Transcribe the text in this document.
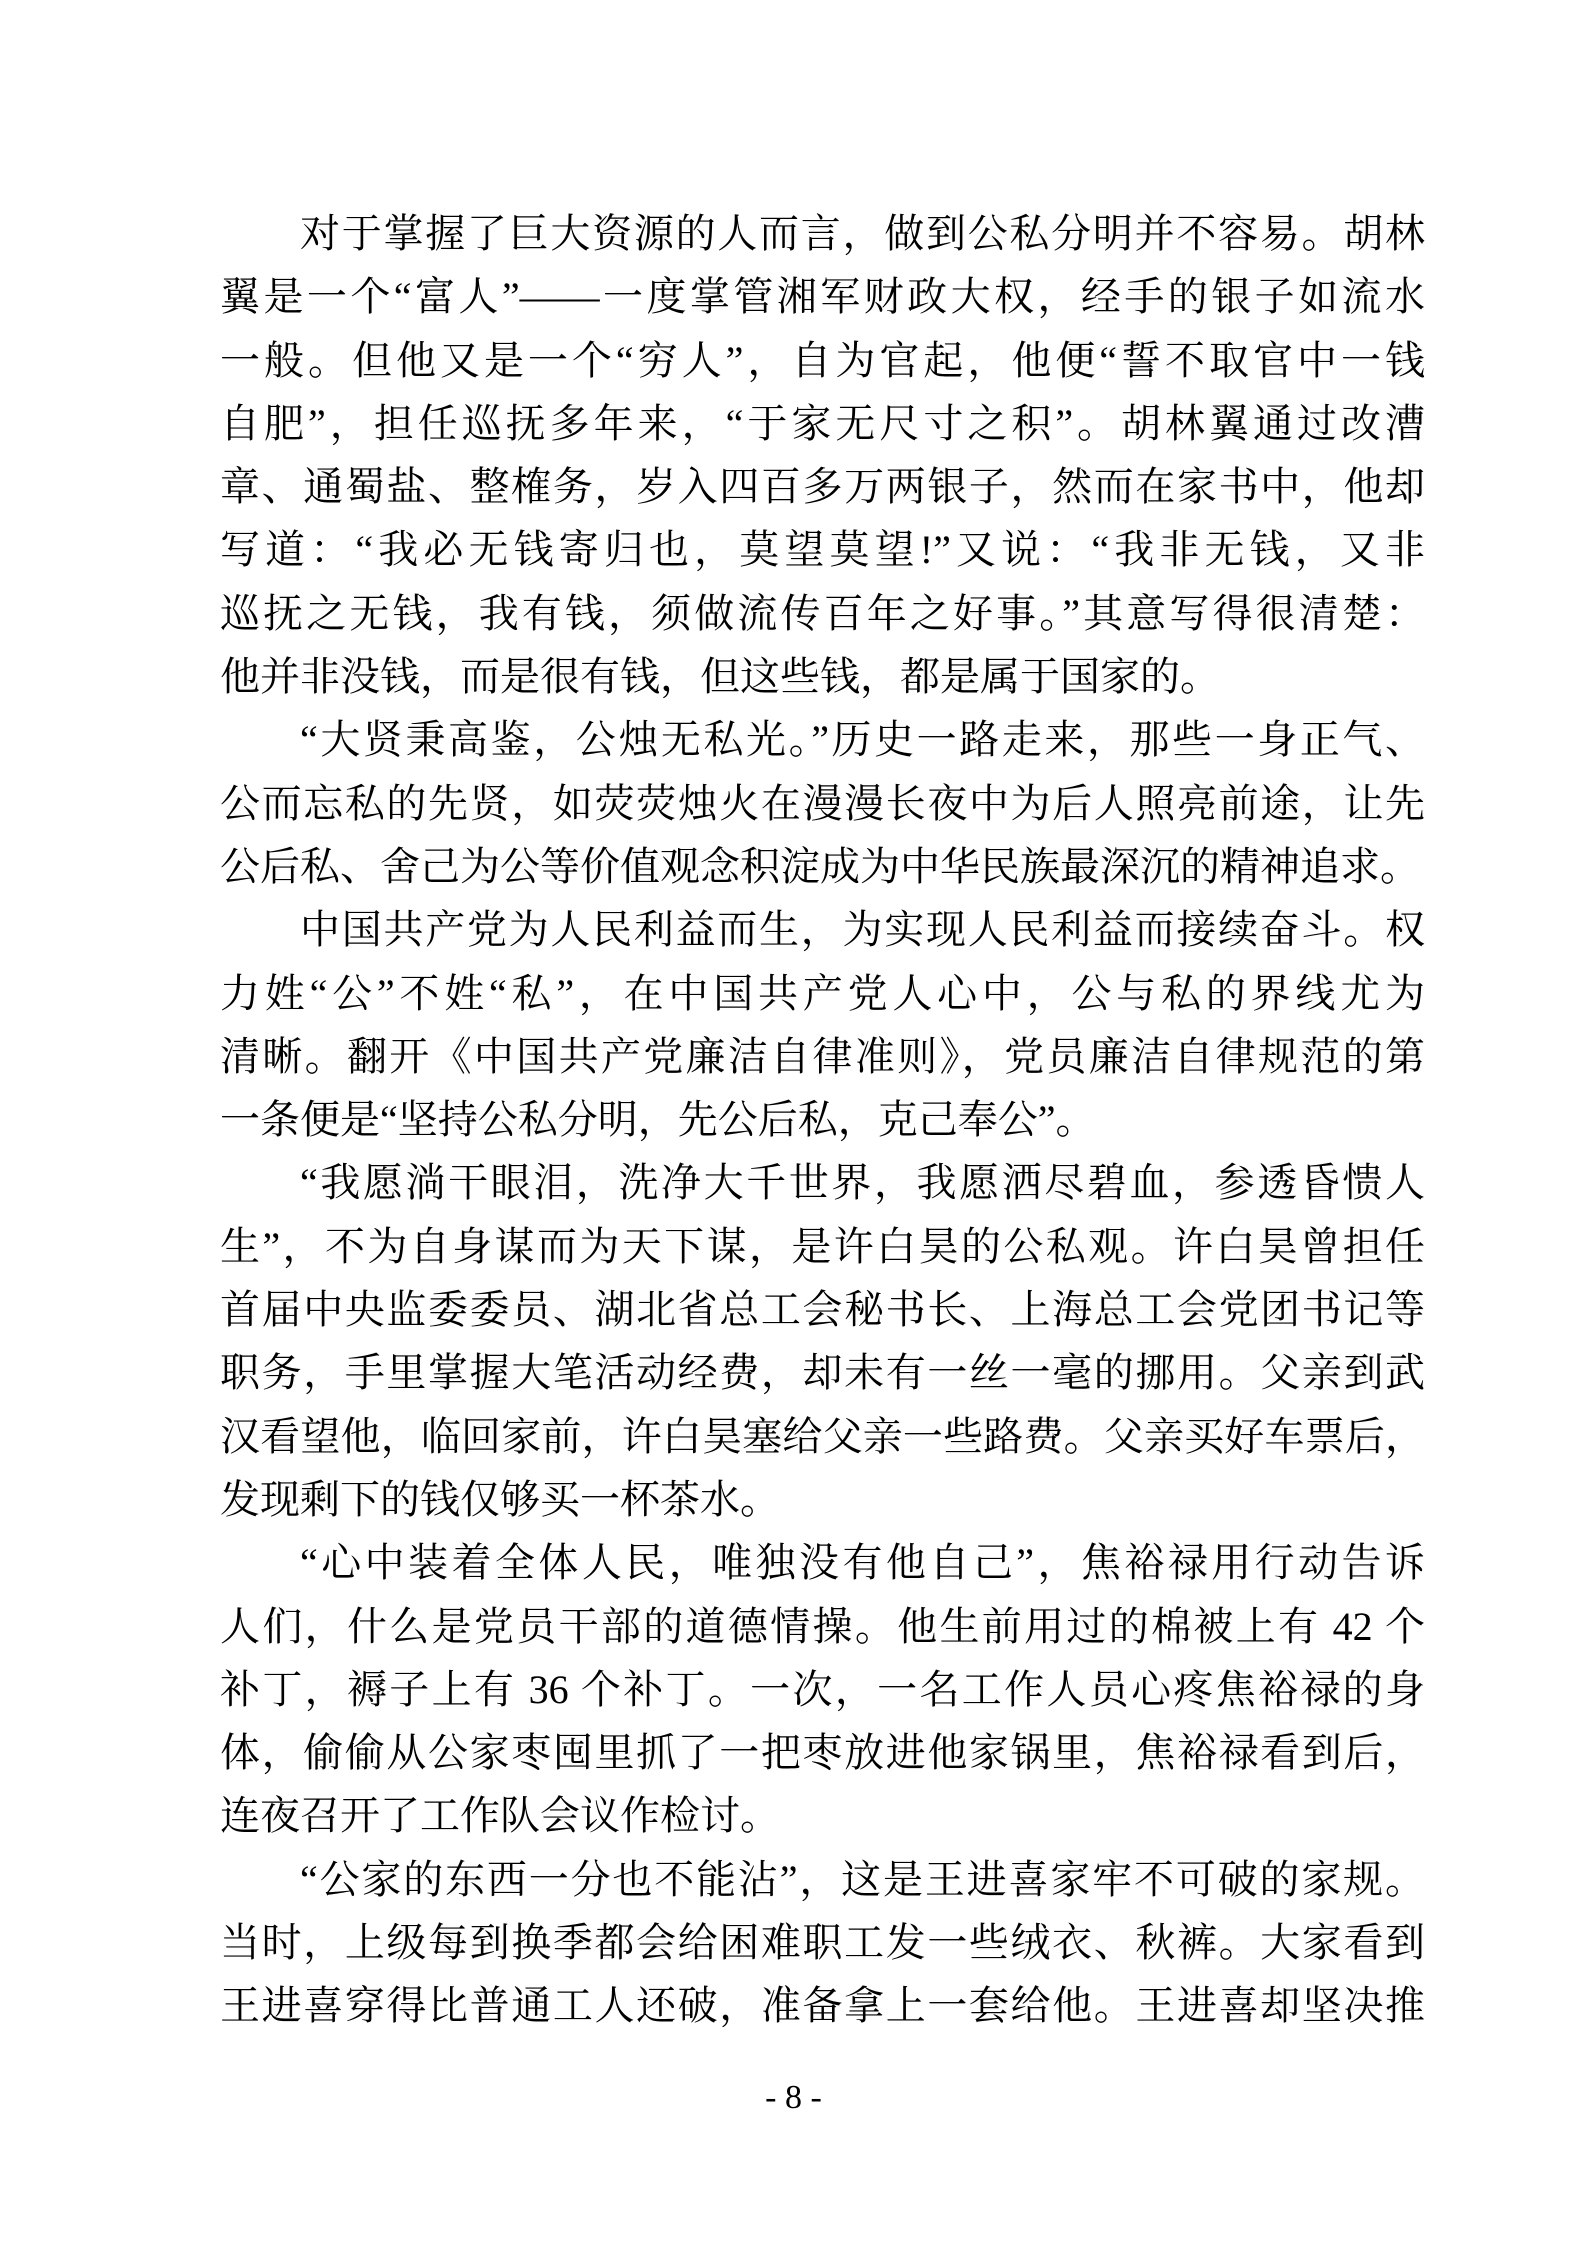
对于掌握了巨大资源的人而言，做到公私分明并不容易。胡林
翼是一个“富人”——一度掌管湘军财政大权，经手的银子如流水
一般。但他又是一个“穷人”，自为官起，他便“誓不取官中一钱
自肥”，担任巡抚多年来，“于家无尺寸之积”。胡林翼通过改漕
章、通蜀盐、整榷务，岁入四百多万两银子，然而在家书中，他却
写道：“我必无钱寄归也，莫望莫望!”又说：“我非无钱，又非
巡抚之无钱，我有钱，须做流传百年之好事。”其意写得很清楚：
他并非没钱，而是很有钱，但这些钱，都是属于国家的。
“大贤秉高鉴，公烛无私光。”历史一路走来，那些一身正气、
公而忘私的先贤，如荧荧烛火在漫漫长夜中为后人照亮前途，让先
公后私、舍己为公等价值观念积淀成为中华民族最深沉的精神追求。
中国共产党为人民利益而生，为实现人民利益而接续奋斗。权
力姓“公”不姓“私”，在中国共产党人心中，公与私的界线尤为
清晰。翻开《中国共产党廉洁自律准则》，党员廉洁自律规范的第
一条便是“坚持公私分明，先公后私，克己奉公”。
“我愿淌干眼泪，洗净大千世界，我愿洒尽碧血，参透昏愦人
生”，不为自身谋而为天下谋，是许白昊的公私观。许白昊曾担任
首届中央监委委员、湖北省总工会秘书长、上海总工会党团书记等
职务，手里掌握大笔活动经费，却未有一丝一毫的挪用。父亲到武
汉看望他，临回家前，许白昊塞给父亲一些路费。父亲买好车票后，
发现剩下的钱仅够买一杯茶水。
“心中装着全体人民，唯独没有他自己”，焦裕禄用行动告诉
人们，什么是党员干部的道德情操。他生前用过的棉被上有 42 个
补丁，褥子上有 36 个补丁。一次，一名工作人员心疼焦裕禄的身
体，偷偷从公家枣囤里抓了一把枣放进他家锅里，焦裕禄看到后，
连夜召开了工作队会议作检讨。
“公家的东西一分也不能沾”，这是王进喜家牢不可破的家规。
当时，上级每到换季都会给困难职工发一些绒衣、秋裤。大家看到
王进喜穿得比普通工人还破，准备拿上一套给他。王进喜却坚决推
- 8 -
